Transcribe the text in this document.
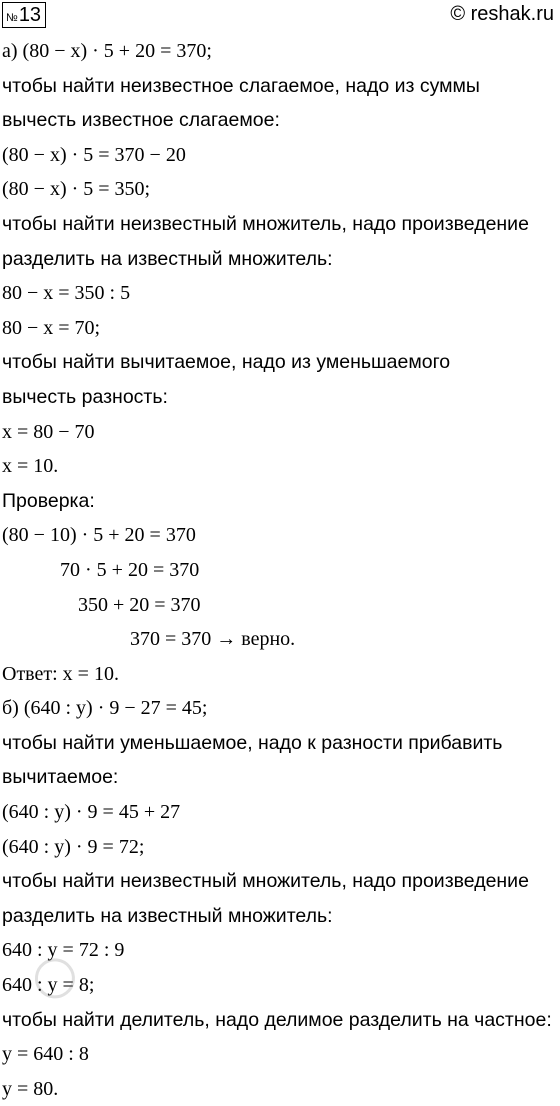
№ 13	© reshak.ru
а) (80 − x) · 5 + 20 = 370;
чтобы найти неизвестное слагаемое, надо из суммы
вычесть известное слагаемое:
(80 − x) · 5 = 370 − 20
(80 − x) · 5 = 350;
чтобы найти неизвестный множитель, надо произведение
разделить на известный множитель:
80 − x = 350 : 5
80 − x = 70;
чтобы найти вычитаемое, надо из уменьшаемого
вычесть разность:
x = 80 − 70
x = 10.
Проверка:
(80 − 10) · 5 + 20 = 370
70 · 5 + 20 = 370
350 + 20 = 370
370 = 370 → верно.
Ответ: x = 10.
б) (640 : y) · 9 − 27 = 45;
чтобы найти уменьшаемое, надо к разности прибавить
вычитаемое:
(640 : y) · 9 = 45 + 27
(640 : y) · 9 = 72;
чтобы найти неизвестный множитель, надо произведение
разделить на известный множитель:
640 : y = 72 : 9
640 : y = 8;
чтобы найти делитель, надо делимое разделить на частное:
y = 640 : 8
y = 80.
